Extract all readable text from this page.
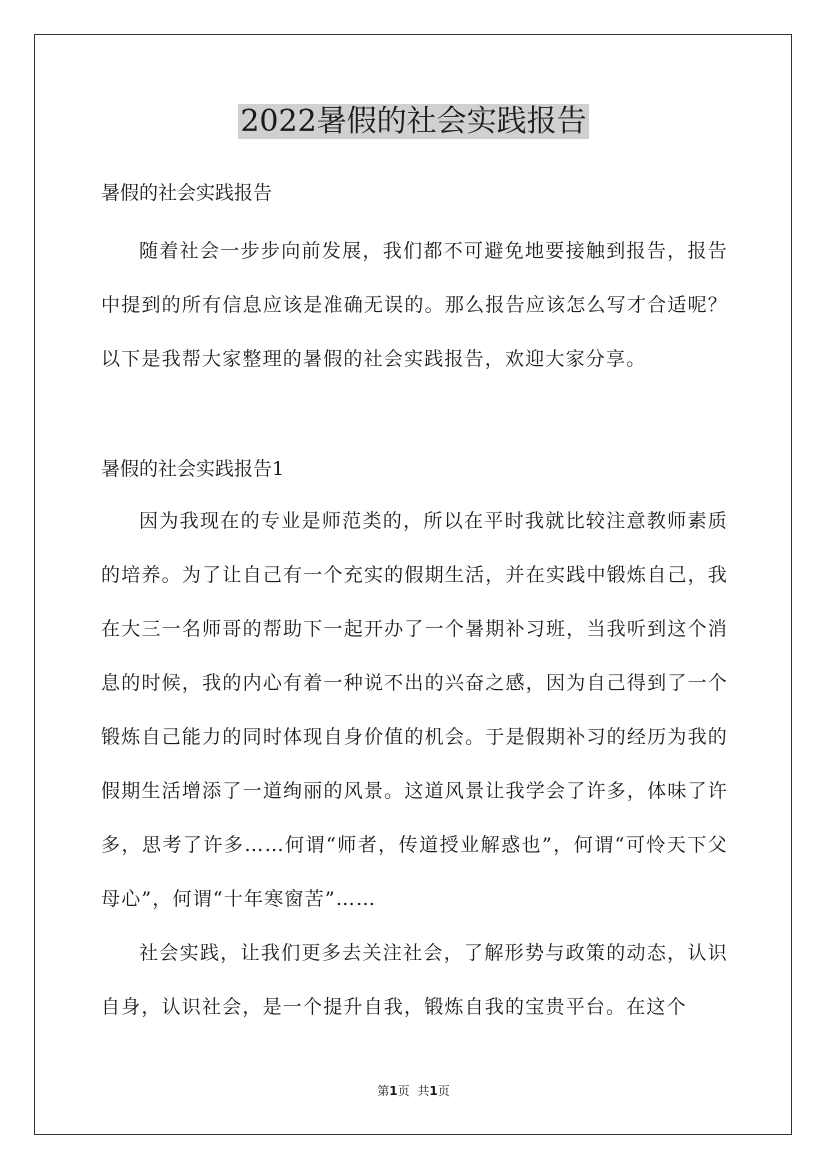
2022暑假的社会实践报告

暑假的社会实践报告

随着社会一步步向前发展，我们都不可避免地要接触到报告，报告中提到的所有信息应该是准确无误的。那么报告应该怎么写才合适呢？以下是我帮大家整理的暑假的社会实践报告，欢迎大家分享。

暑假的社会实践报告1

因为我现在的专业是师范类的，所以在平时我就比较注意教师素质的培养。为了让自己有一个充实的假期生活，并在实践中锻炼自己，我在大三一名师哥的帮助下一起开办了一个暑期补习班，当我听到这个消息的时候，我的内心有着一种说不出的兴奋之感，因为自己得到了一个锻炼自己能力的同时体现自身价值的机会。于是假期补习的经历为我的假期生活增添了一道绚丽的风景。这道风景让我学会了许多，体味了许多，思考了许多……何谓“师者，传道授业解惑也”，何谓“可怜天下父母心”，何谓“十年寒窗苦”……

社会实践，让我们更多去关注社会，了解形势与政策的动态，认识自身，认识社会，是一个提升自我，锻炼自我的宝贵平台。在这个

第1页 共1页
